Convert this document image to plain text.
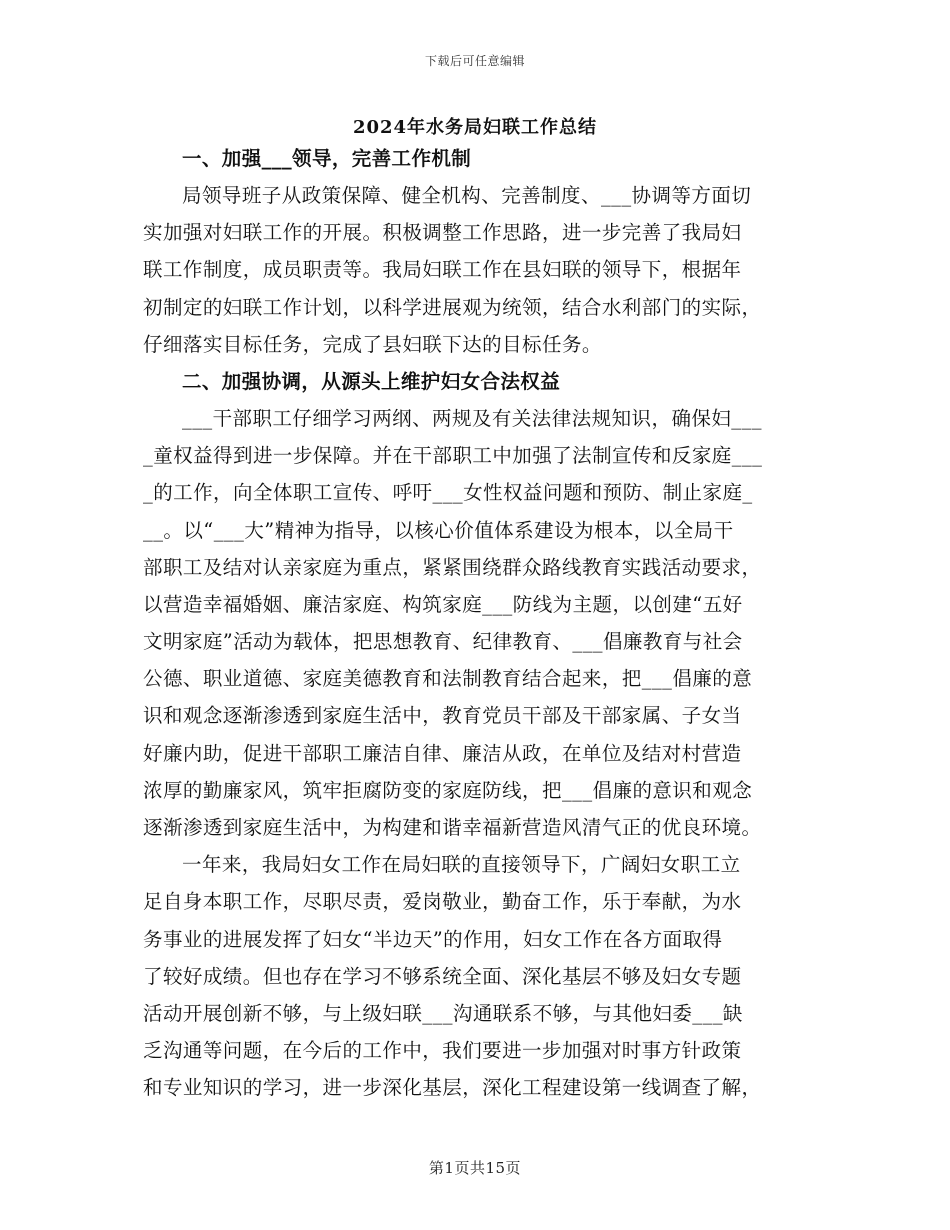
下载后可任意编辑
2024年水务局妇联工作总结
一、加强___领导，完善工作机制
局领导班子从政策保障、健全机构、完善制度、___协调等方面切
实加强对妇联工作的开展。积极调整工作思路，进一步完善了我局妇
联工作制度，成员职责等。我局妇联工作在县妇联的领导下，根据年
初制定的妇联工作计划，以科学进展观为统领，结合水利部门的实际，
仔细落实目标任务，完成了县妇联下达的目标任务。
二、加强协调，从源头上维护妇女合法权益
___干部职工仔细学习两纲、两规及有关法律法规知识，确保妇___
_童权益得到进一步保障。并在干部职工中加强了法制宣传和反家庭___
_的工作，向全体职工宣传、呼吁___女性权益问题和预防、制止家庭_
__。以“___大”精神为指导，以核心价值体系建设为根本，以全局干
部职工及结对认亲家庭为重点，紧紧围绕群众路线教育实践活动要求，
以营造幸福婚姻、廉洁家庭、构筑家庭___防线为主题，以创建“五好
文明家庭”活动为载体，把思想教育、纪律教育、___倡廉教育与社会
公德、职业道德、家庭美德教育和法制教育结合起来，把___倡廉的意
识和观念逐渐渗透到家庭生活中，教育党员干部及干部家属、子女当
好廉内助，促进干部职工廉洁自律、廉洁从政，在单位及结对村营造
浓厚的勤廉家风，筑牢拒腐防变的家庭防线，把___倡廉的意识和观念
逐渐渗透到家庭生活中，为构建和谐幸福新营造风清气正的优良环境。
一年来，我局妇女工作在局妇联的直接领导下，广阔妇女职工立
足自身本职工作，尽职尽责，爱岗敬业，勤奋工作，乐于奉献，为水
务事业的进展发挥了妇女“半边天”的作用，妇女工作在各方面取得
了较好成绩。但也存在学习不够系统全面、深化基层不够及妇女专题
活动开展创新不够，与上级妇联___沟通联系不够，与其他妇委___缺
乏沟通等问题，在今后的工作中，我们要进一步加强对时事方针政策
和专业知识的学习，进一步深化基层，深化工程建设第一线调查了解，
第1页共15页
